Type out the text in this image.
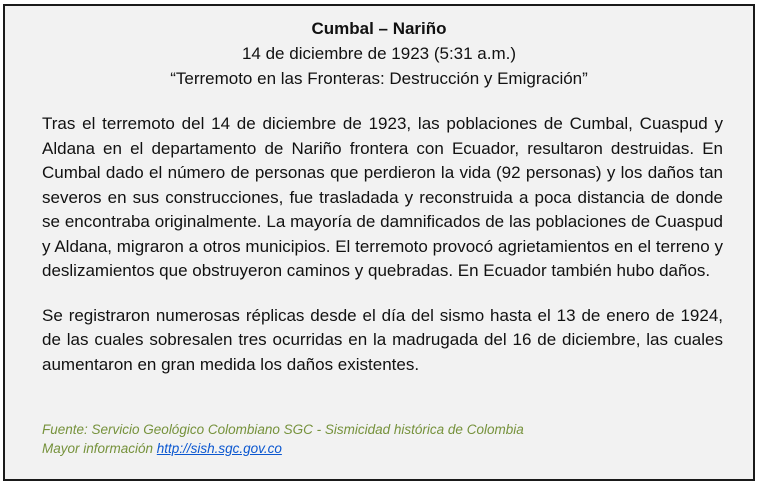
Cumbal – Nariño
14 de diciembre de 1923 (5:31 a.m.)
“Terremoto en las Fronteras: Destrucción y Emigración”

Tras el terremoto del 14 de diciembre de 1923, las poblaciones de Cumbal, Cuaspud y Aldana en el departamento de Nariño frontera con Ecuador, resultaron destruidas. En Cumbal dado el número de personas que perdieron la vida (92 personas) y los daños tan severos en sus construcciones, fue trasladada y reconstruida a poca distancia de donde se encontraba originalmente. La mayoría de damnificados de las poblaciones de Cuaspud y Aldana, migraron a otros municipios. El terremoto provocó agrietamientos en el terreno y deslizamientos que obstruyeron caminos y quebradas. En Ecuador también hubo daños.

Se registraron numerosas réplicas desde el día del sismo hasta el 13 de enero de 1924, de las cuales sobresalen tres ocurridas en la madrugada del 16 de diciembre, las cuales aumentaron en gran medida los daños existentes.

Fuente: Servicio Geológico Colombiano SGC - Sismicidad histórica de Colombia
Mayor información http://sish.sgc.gov.co
